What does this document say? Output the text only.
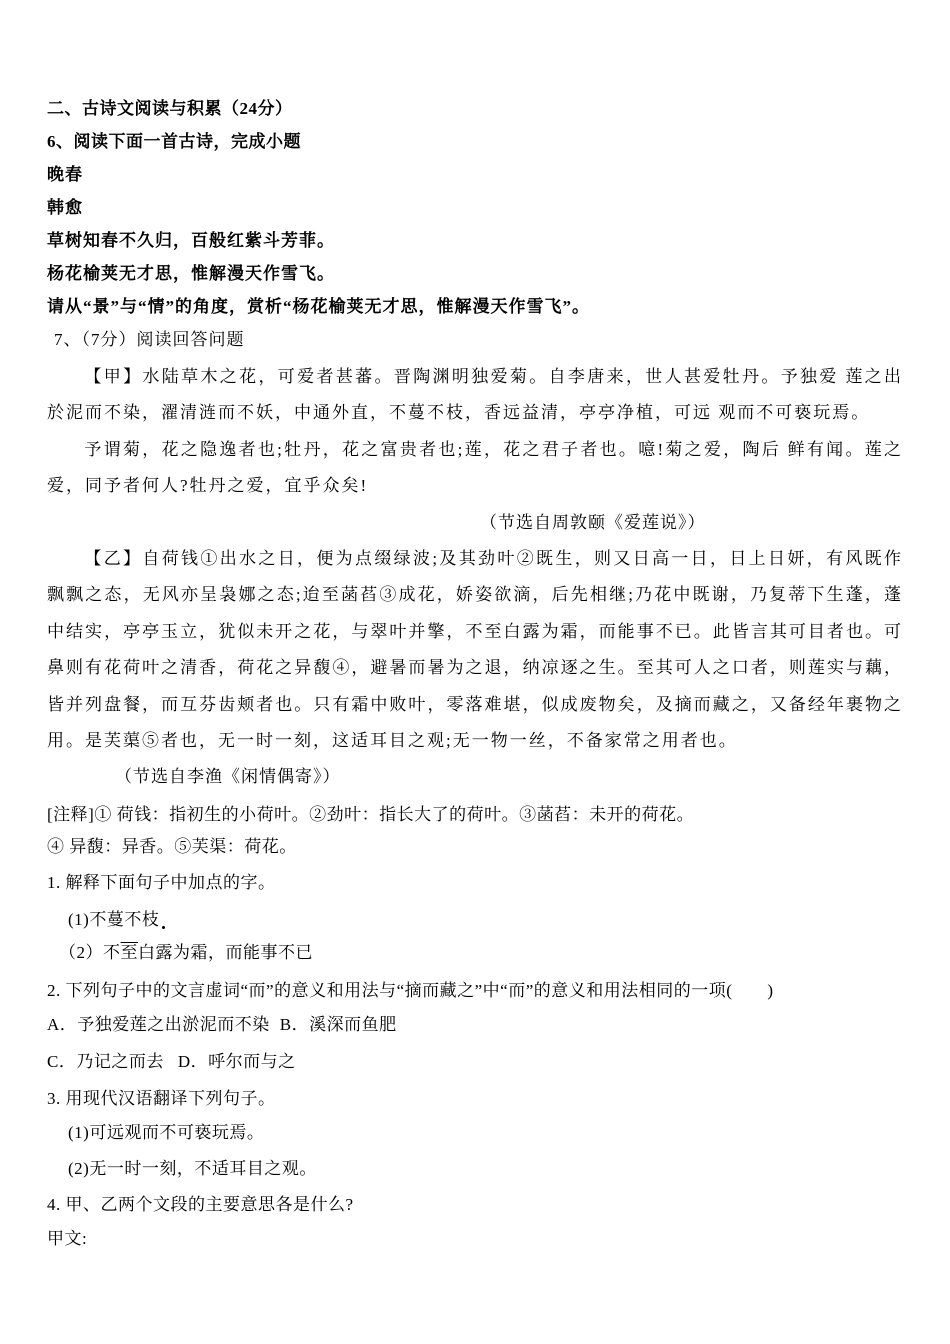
二、古诗文阅读与积累（24分）
6、阅读下面一首古诗，完成小题
晚春
韩愈
草树知春不久归，百般红紫斗芳菲。
杨花榆荚无才思，惟解漫天作雪飞。
请从“景”与“情”的角度，赏析“杨花榆荚无才思，惟解漫天作雪飞”。
7、（7分）阅读回答问题

【甲】水陆草木之花，可爱者甚蕃。晋陶渊明独爱菊。自李唐来，世人甚爱牡丹。予独爱 莲之出於泥而不染，濯清涟而不妖，中通外直，不蔓不枝，香远益清，亭亭净植，可远 观而不可亵玩焉。

予谓菊，花之隐逸者也;牡丹，花之富贵者也;莲，花之君子者也。噫!菊之爱，陶后 鲜有闻。莲之爱，同予者何人?牡丹之爱，宜乎众矣!

（节选自周敦颐《爱莲说》）

【乙】自荷钱①出水之日，便为点缀绿波;及其劲叶②既生，则又日高一日，日上日妍，有风既作飘飘之态，无风亦呈袅娜之态;迨至菡萏③成花，娇姿欲滴，后先相继;乃花中既谢，乃复蒂下生蓬，蓬中结实，亭亭玉立，犹似未开之花，与翠叶并擎，不至白露为霜，而能事不已。此皆言其可目者也。可鼻则有花荷叶之清香，荷花之异馥④，避暑而暑为之退，纳凉逐之生。至其可人之口者，则莲实与藕，皆并列盘餐，而互芬齿颊者也。只有霜中败叶，零落难堪，似成废物矣，及摘而藏之，又备经年裹物之用。是芙蕖⑤者也，无一时一刻，这适耳目之观;无一物一丝，不备家常之用者也。

（节选自李渔《闲情偶寄》）
[注释]① 荷钱：指初生的小荷叶。②劲叶：指长大了的荷叶。③菡萏：未开的荷花。
④ 异馥：异香。⑤芙渠：荷花。
1. 解释下面句子中加点的字。
(1)不蔓不枝
（2）不至白露为霜，而能事不已
2. 下列句子中的文言虚词“而”的意义和用法与“摘而藏之”中“而”的意义和用法相同的一项(　　)
A．予独爱莲之出淤泥而不染 B．溪深而鱼肥
C．乃记之而去 D．呼尔而与之
3. 用现代汉语翻译下列句子。
(1)可远观而不可亵玩焉。
(2)无一时一刻，不适耳目之观。
4. 甲、乙两个文段的主要意思各是什么?
甲文:
